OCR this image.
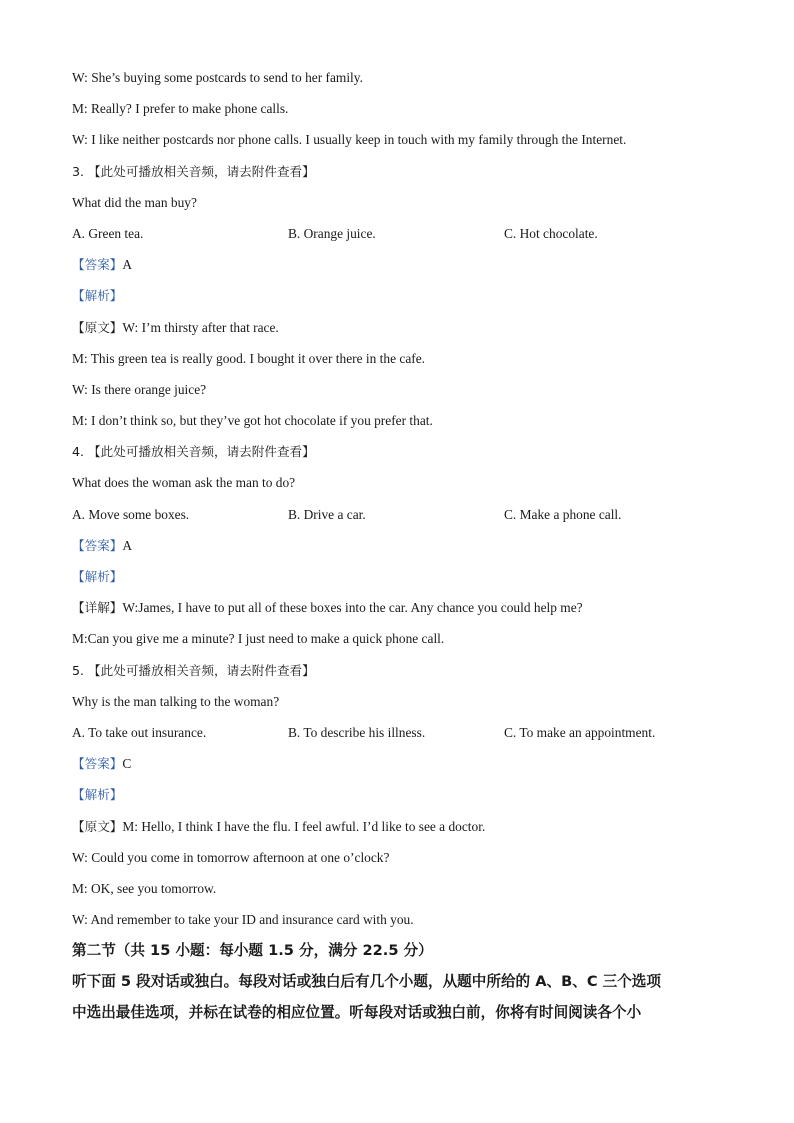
W: She’s buying some postcards to send to her family.
M: Really? I prefer to make phone calls.
W: I like neither postcards nor phone calls. I usually keep in touch with my family through the Internet.
3. 【此处可播放相关音频，请去附件查看】
What did the man buy?
A. Green tea.	B. Orange juice.	C. Hot chocolate.
【答案】A
【解析】
【原文】W: I’m thirsty after that race.
M: This green tea is really good. I bought it over there in the cafe.
W: Is there orange juice?
M: I don’t think so, but they’ve got hot chocolate if you prefer that.
4. 【此处可播放相关音频，请去附件查看】
What does the woman ask the man to do?
A. Move some boxes.	B. Drive a car.	C. Make a phone call.
【答案】A
【解析】
【详解】W:James, I have to put all of these boxes into the car. Any chance you could help me?
M:Can you give me a minute? I just need to make a quick phone call.
5. 【此处可播放相关音频，请去附件查看】
Why is the man talking to the woman?
A. To take out insurance.	B. To describe his illness.	C. To make an appointment.
【答案】C
【解析】
【原文】M: Hello, I think I have the flu. I feel awful. I’d like to see a doctor.
W: Could you come in tomorrow afternoon at one o’clock?
M: OK, see you tomorrow.
W: And remember to take your ID and insurance card with you.
第二节（共 15 小题：每小题 1.5 分，满分 22.5 分）
听下面 5 段对话或独白。每段对话或独白后有几个小题，从题中所给的 A、B、C 三个选项
中选出最佳选项，并标在试卷的相应位置。听每段对话或独白前，你将有时间阅读各个小
